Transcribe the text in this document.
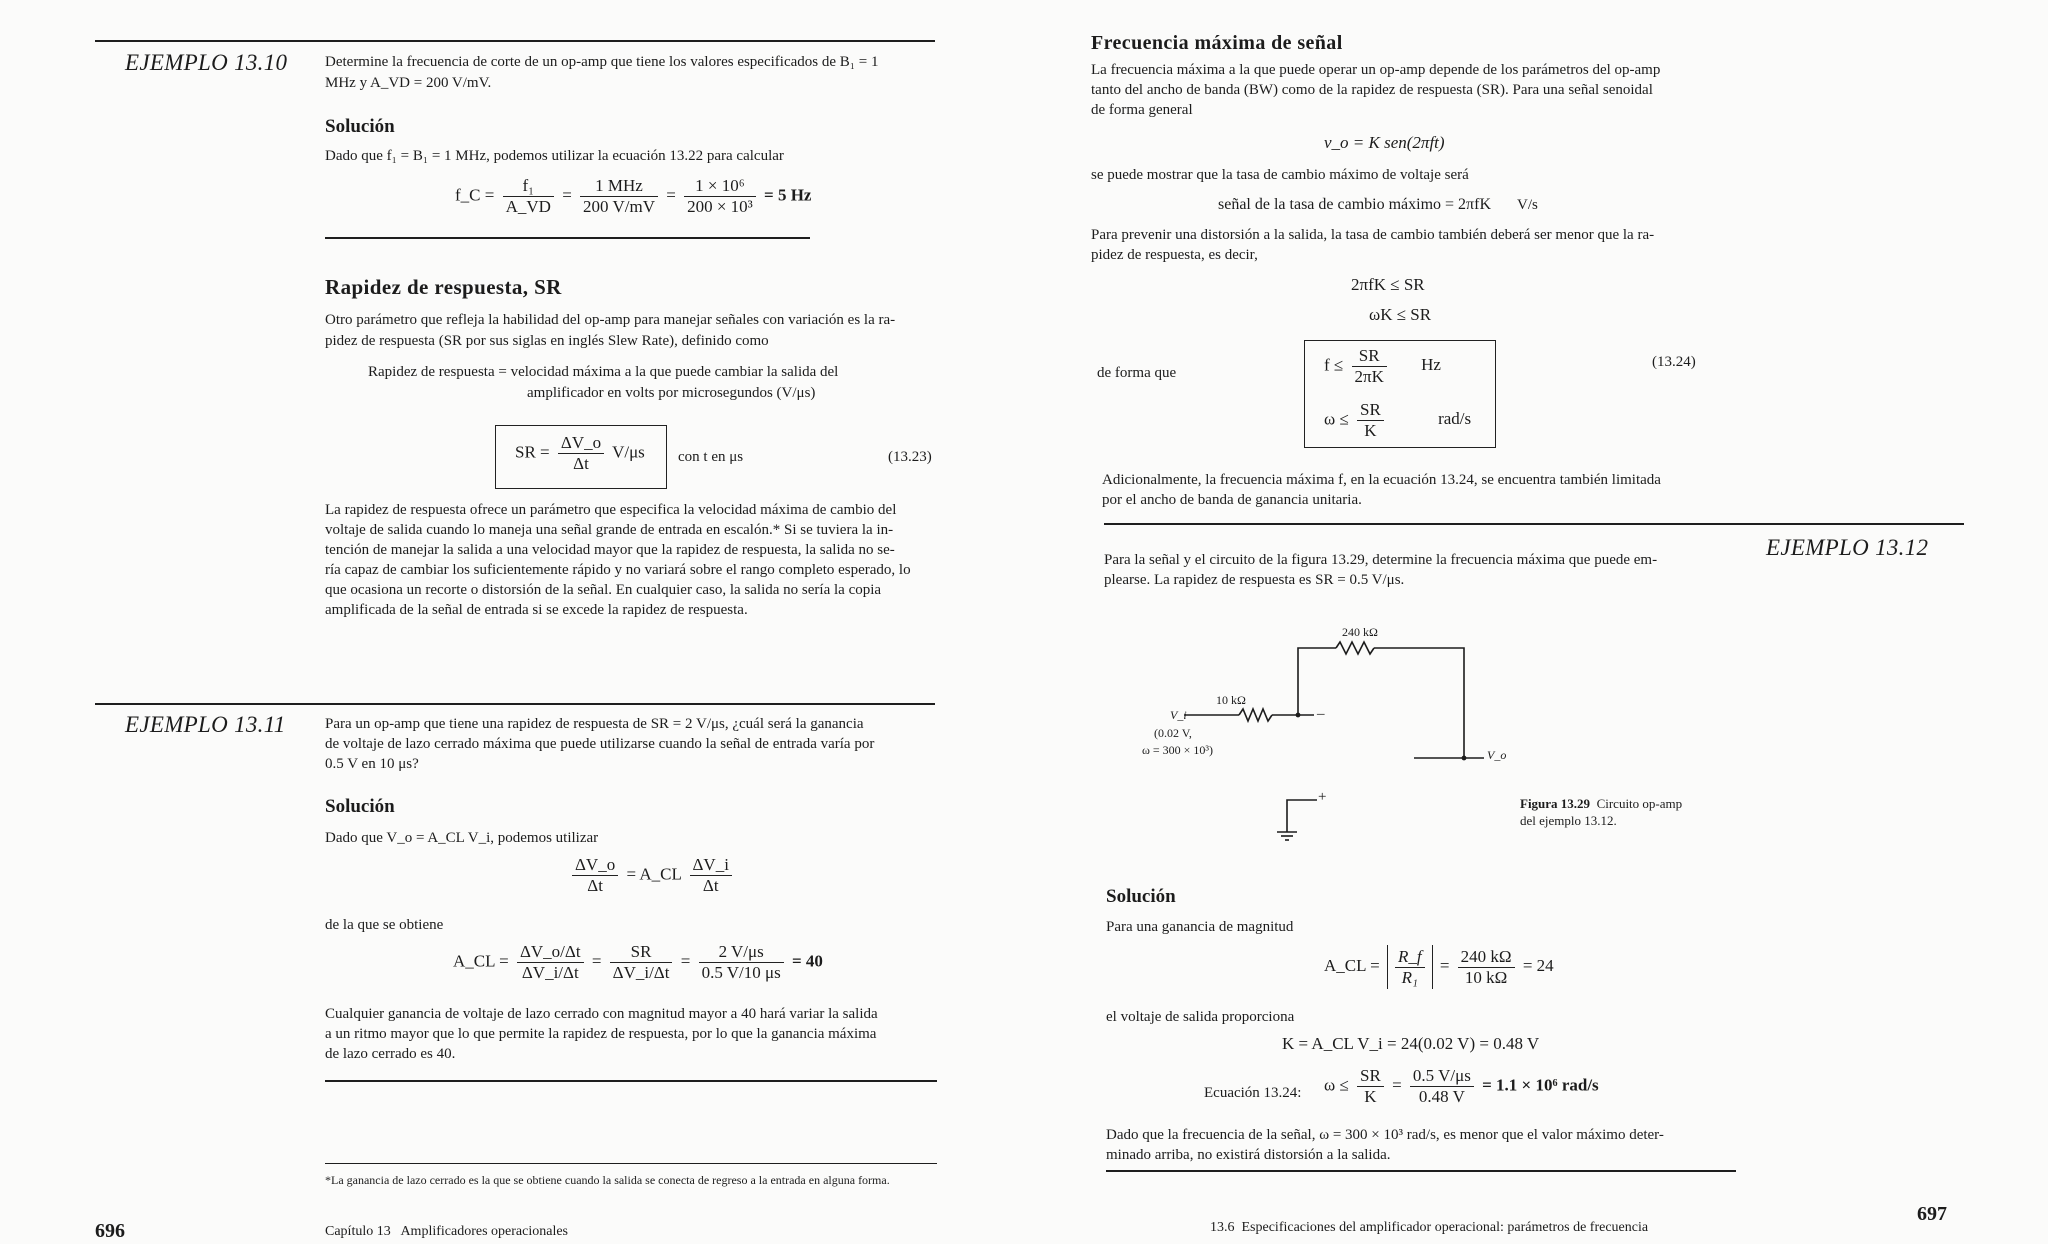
EJEMPLO 13.10	Determine la frecuencia de corte de un op-amp que tiene los valores especificados de B₁ = 1
MHz y A_VD = 200 V/mV.
Solución
Dado que f₁ = B₁ = 1 MHz, podemos utilizar la ecuación 13.22 para calcular
f_C = $\frac{\text{f₁}}{A\_VD} = \frac{\text{1 MHz}}{200 V/mV} = \frac{\text{1 × 10⁶}}{\text{200 × 10³}} = 5$ Hz
Rapidez de respuesta, SR
Otro parámetro que refleja la habilidad del op-amp para manejar señales con variación es la ra-
pidez de respuesta (SR por sus siglas en inglés Slew Rate), definido como
Rapidez de respuesta = velocidad máxima a la que puede cambiar la salida del
amplificador en volts por microsegundos (V/μs)
SR = $\frac{\Delta V\_o}{\Delta t} V/\mu s$ con t en μs	(13.23)
La rapidez de respuesta ofrece un parámetro que especifica la velocidad máxima de cambio del
voltaje de salida cuando lo maneja una señal grande de entrada en escalón.* Si se tuviera la in-
tención de manejar la salida a una velocidad mayor que la rapidez de respuesta, la salida no se-
ría capaz de cambiar los suficientemente rápido y no variará sobre el rango completo esperado, lo
que ocasiona un recorte o distorsión de la señal. En cualquier caso, la salida no sería la copia
amplificada de la señal de entrada si se excede la rapidez de respuesta.
EJEMPLO 13.11	Para un op-amp que tiene una rapidez de respuesta de SR = 2 V/μs, ¿cuál será la ganancia
de voltaje de lazo cerrado máxima que puede utilizarse cuando la señal de entrada varía por
0.5 V en 10 μs?
Solución
Dado que V_o = A_CL V_i, podemos utilizar
$\frac{\Delta V\_o}{\Delta t}$ = A_CL $\frac{\Delta V\_i}{\Delta t}$
de la que se obtiene
A_CL = $\frac{\Delta V\_o/\Delta t}{\Delta V\_i/\Delta t} = \frac{SR}{\Delta V\_i/\Delta t} = \frac{2 V/\mu s}{0.5 V/10 \mu s} = 40$
Cualquier ganancia de voltaje de lazo cerrado con magnitud mayor a 40 hará variar la salida
a un ritmo mayor que lo que permite la rapidez de respuesta, por lo que la ganancia máxima
de lazo cerrado es 40.
*La ganancia de lazo cerrado es la que se obtiene cuando la salida se conecta de regreso a la entrada en alguna forma.
696	Capítulo 13   Amplificadores operacionales
Frecuencia máxima de señal
La frecuencia máxima a la que puede operar un op-amp depende de los parámetros del op-amp
tanto del ancho de banda (BW) como de la rapidez de respuesta (SR). Para una señal senoidal
de forma general
v_o = K sen(2πft)
se puede mostrar que la tasa de cambio máximo de voltaje será
señal de la tasa de cambio máximo = 2πfK V/s
Para prevenir una distorsión a la salida, la tasa de cambio también deberá ser menor que la ra-
pidez de respuesta, es decir,
2πfK ≤ SR
ωK ≤ SR
de forma que	$f \le \frac{SR}{2\pi K}$ Hz
$\omega \le \frac{SR}{K}$	rad/s
(13.24)
Adicionalmente, la frecuencia máxima f, en la ecuación 13.24, se encuentra también limitada
por el ancho de banda de ganancia unitaria.
EJEMPLO 13.12
Para la señal y el circuito de la figura 13.29, determine la frecuencia máxima que puede em-
plearse. La rapidez de respuesta es SR = 0.5 V/μs.
240 kΩ
10 kΩ
V_i
(0.02 V,
ω = 300 × 10³)
–
+
V_o
Figura 13.29 Circuito op-amp
del ejemplo 13.12.
Solución
Para una ganancia de magnitud
A_CL = $\frac{R\_f}{\text{R₁}} = \frac{240 k\Omega}{10 k\Omega} = 24$
el voltaje de salida proporciona
K = A_CL V_i = 24(0.02 V) = 0.48 V
Ecuación 13.24: $\omega \le \frac{SR}{K} = \frac{0.5 V/\mu s}{0.48 V} = 1.1 \times 10^6$ rad/s
Dado que la frecuencia de la señal, ω = 300 × 10³ rad/s, es menor que el valor máximo deter-
minado arriba, no existirá distorsión a la salida.
13.6  Especificaciones del amplificador operacional: parámetros de frecuencia
697
